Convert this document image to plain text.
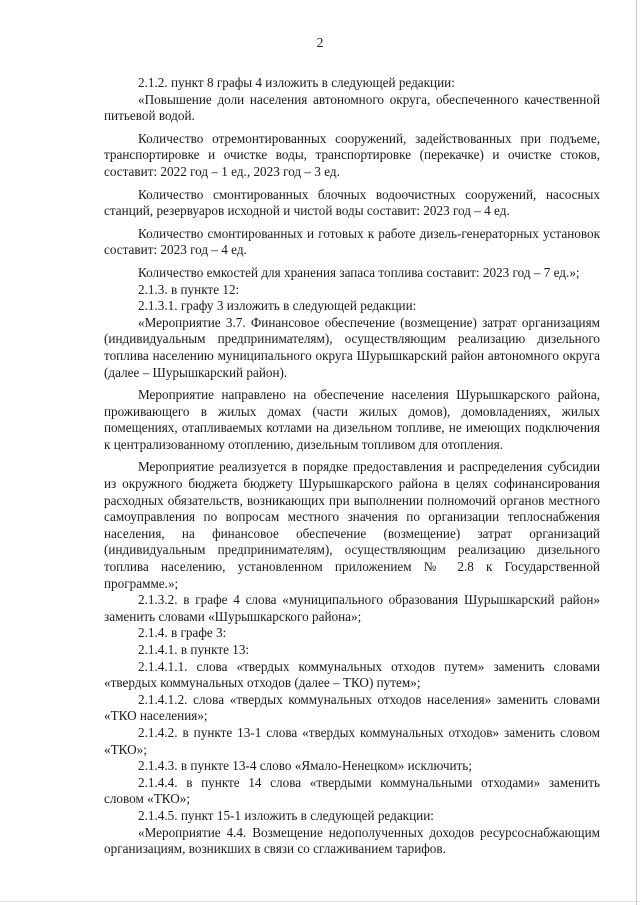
2

2.1.2. пункт 8 графы 4 изложить в следующей редакции:

«Повышение доли населения автономного округа, обеспеченного качественной питьевой водой.

Количество отремонтированных сооружений, задействованных при подъеме, транспортировке и очистке воды, транспортировке (перекачке) и очистке стоков, составит: 2022 год – 1 ед., 2023 год – 3 ед.

Количество смонтированных блочных водоочистных сооружений, насосных станций, резервуаров исходной и чистой воды составит: 2023 год – 4 ед.

Количество смонтированных и готовых к работе дизель-генераторных установок составит: 2023 год – 4 ед.

Количество емкостей для хранения запаса топлива составит: 2023 год – 7 ед.»;

2.1.3. в пункте 12:

2.1.3.1. графу 3 изложить в следующей редакции:

«Мероприятие 3.7. Финансовое обеспечение (возмещение) затрат организациям (индивидуальным предпринимателям), осуществляющим реализацию дизельного топлива населению муниципального округа Шурышкарский район автономного округа (далее – Шурышкарский район).

Мероприятие направлено на обеспечение населения Шурышкарского района, проживающего в жилых домах (части жилых домов), домовладениях, жилых помещениях, отапливаемых котлами на дизельном топливе, не имеющих подключения к централизованному отоплению, дизельным топливом для отопления.

Мероприятие реализуется в порядке предоставления и распределения субсидии из окружного бюджета бюджету Шурышкарского района в целях софинансирования расходных обязательств, возникающих при выполнении полномочий органов местного самоуправления по вопросам местного значения по организации теплоснабжения населения, на финансовое обеспечение (возмещение) затрат организаций (индивидуальным предпринимателям), осуществляющим реализацию дизельного топлива населению, установленном приложением № 2.8 к Государственной программе.»;

2.1.3.2. в графе 4 слова «муниципального образования Шурышкарский район» заменить словами «Шурышкарского района»;

2.1.4. в графе 3:

2.1.4.1. в пункте 13:

2.1.4.1.1. слова «твердых коммунальных отходов путем» заменить словами «твердых коммунальных отходов (далее – ТКО) путем»;

2.1.4.1.2. слова «твердых коммунальных отходов населения» заменить словами «ТКО населения»;

2.1.4.2. в пункте 13-1 слова «твердых коммунальных отходов» заменить словом «ТКО»;

2.1.4.3. в пункте 13-4 слово «Ямало-Ненецком» исключить;

2.1.4.4. в пункте 14 слова «твердыми коммунальными отходами» заменить словом «ТКО»;

2.1.4.5. пункт 15-1 изложить в следующей редакции:

«Мероприятие 4.4. Возмещение недополученных доходов ресурсоснабжающим организациям, возникших в связи со сглаживанием тарифов.
